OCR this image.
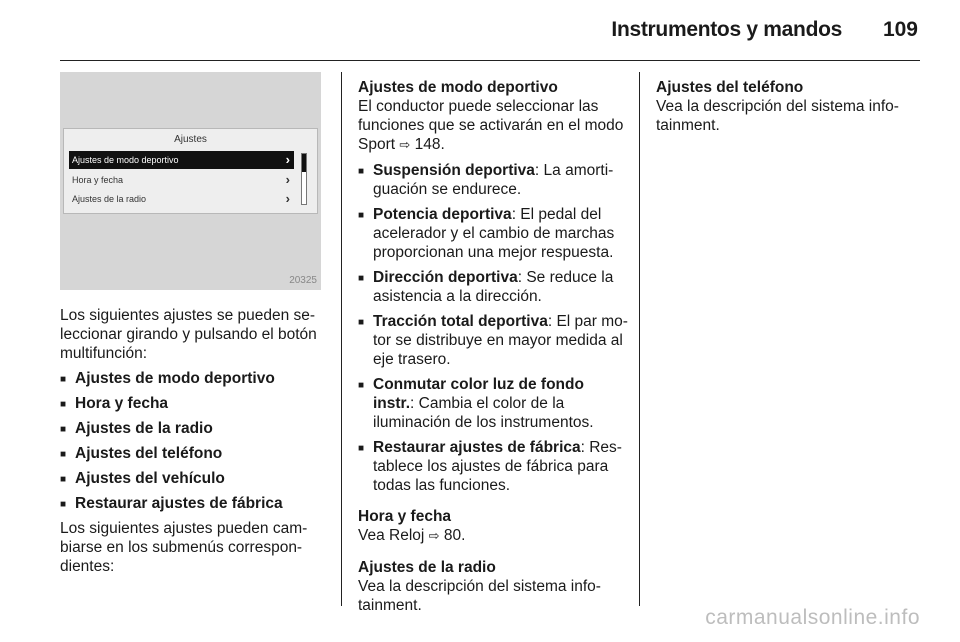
Instrumentos y mandos 109
Ajustes
Ajustes de modo deportivo	›
Hora y fecha	›
Ajustes de la radio	›
20325

Los siguientes ajustes se pueden se-leccionar girando y pulsando el botón multifunción:

■ Ajustes de modo deportivo
■ Hora y fecha
■ Ajustes de la radio
■ Ajustes del teléfono
■ Ajustes del vehículo
■ Restaurar ajustes de fábrica

Los siguientes ajustes pueden cam-biarse en los submenús correspon-dientes:

Ajustes de modo deportivo

El conductor puede seleccionar las funciones que se activarán en el modo Sport ⇨ 148.

■ Suspensión deportiva: La amorti-guación se endurece.
■ Potencia deportiva: El pedal del acelerador y el cambio de marchas proporcionan una mejor respuesta.
■ Dirección deportiva: Se reduce la asistencia a la dirección.
■ Tracción total deportiva: El par mo-tor se distribuye en mayor medida al eje trasero.
■ Conmutar color luz de fondo instr.: Cambia el color de la iluminación de los instrumentos.
■ Restaurar ajustes de fábrica: Res-tablece los ajustes de fábrica para todas las funciones.
Hora y fecha

Vea Reloj ⇨ 80.

Ajustes de la radio

Vea la descripción del sistema info-tainment.

Ajustes del teléfono

Vea la descripción del sistema info-tainment.

carmanualsonline.info
